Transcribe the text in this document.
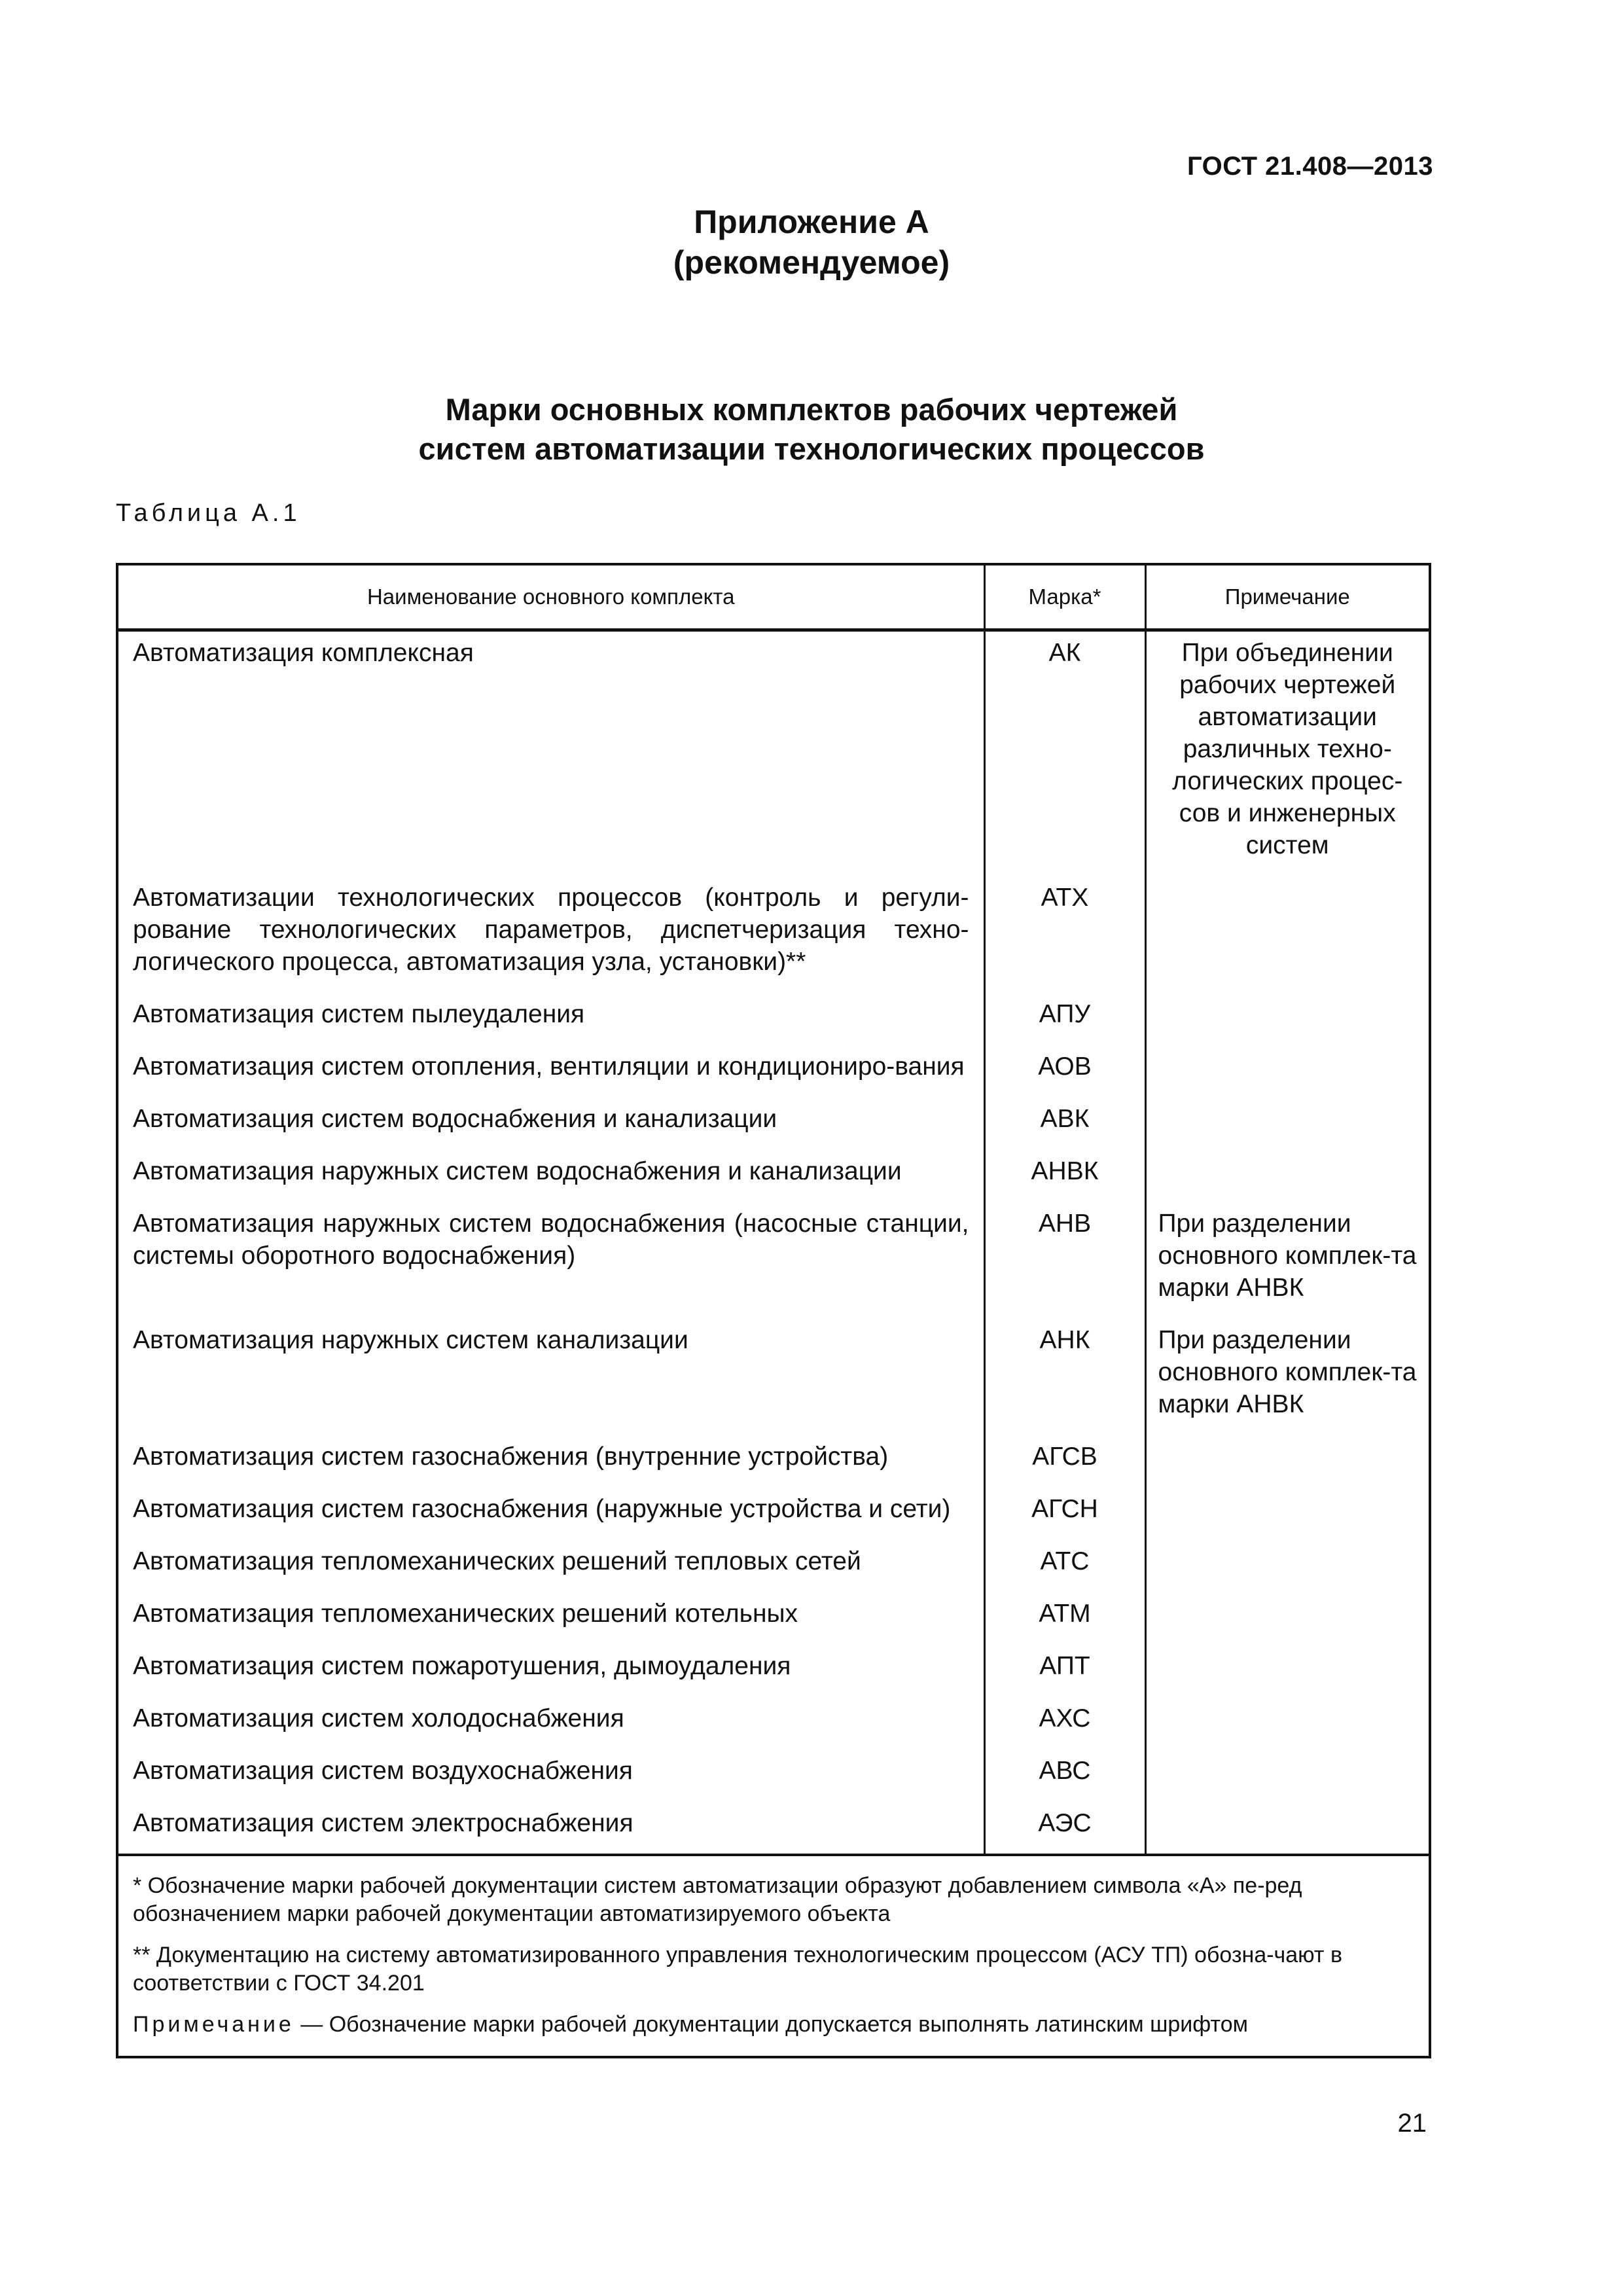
ГОСТ 21.408—2013
Приложение А
(рекомендуемое)
Марки основных комплектов рабочих чертежей
систем автоматизации технологических процессов
Таблица А.1
Наименование основного комплекта	Марка*	Примечание
Автоматизация комплексная	АК	При объединении рабочих чертежей автоматизации различных техно-логических процес-сов и инженерных систем
Автоматизации технологических процессов (контроль и регули-рование технологических параметров, диспетчеризация техно-логического процесса, автоматизация узла, установки)**	АТХ	
Автоматизация систем пылеудаления	АПУ	
Автоматизация систем отопления, вентиляции и кондициониро-вания	АОВ	
Автоматизация систем водоснабжения и канализации	АВК	
Автоматизация наружных систем водоснабжения и канализации	АНВК	
Автоматизация наружных систем водоснабжения (насосные станции, системы оборотного водоснабжения)	АНВ	При разделении основного комплек-та марки АНВК
Автоматизация наружных систем канализации	АНК	При разделении основного комплек-та марки АНВК
Автоматизация систем газоснабжения (внутренние устройства)	АГСВ	
Автоматизация систем газоснабжения (наружные устройства и сети)	АГСН	
Автоматизация тепломеханических решений тепловых сетей	АТС	
Автоматизация тепломеханических решений котельных	АТМ	
Автоматизация систем пожаротушения, дымоудаления	АПТ	
Автоматизация систем холодоснабжения	АХС	
Автоматизация систем воздухоснабжения	АВС	
Автоматизация систем электроснабжения	АЭС	

* Обозначение марки рабочей документации систем автоматизации образуют добавлением символа «А» пе-ред обозначением марки рабочей документации автоматизируемого объекта
** Документацию на систему автоматизированного управления технологическим процессом (АСУ ТП) обозна-чают в соответствии с ГОСТ 34.201
Примечание — Обозначение марки рабочей документации допускается выполнять латинским шрифтом		
21
